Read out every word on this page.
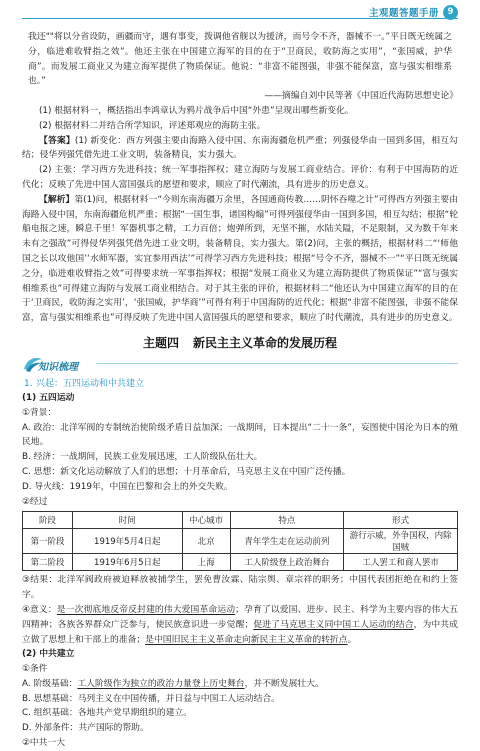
主观题答题手册	9

我还""将以分省设防，画疆而守，遇有事变，拨调他省舰以为援济，而号令不齐，器械不一。”平日既无统属之分，临进难收臂指之效”。他还主张在中国建立海军的目的在于“卫商民，收防海之实用”，“张国威，护华商”。而发展工商业又为建立海军提供了物质保证。他说：“非富不能图强，非强不能保富，富与强实相维系也。”

——摘编自刘中民等著《中国近代海防思想史论》

(1) 根据材料一，概括指出李鸿章认为鸦片战争后中国“外患”呈现出哪些新变化。

(2) 根据材料二并结合所学知识，评述郑观应的海防主张。

【答案】(1) 新变化：西方列强主要由海路入侵中国、东南海疆危机严重；列强侵华由一国到多国，相互勾结；侵华列强凭借先进工业文明，装备精良，实力强大。

(2) 主张：学习西方先进科技；统一军事指挥权；建立海防与发展工商业结合。评价：有利于中国海防的近代化；反映了先进中国人富国强兵的愿望和要求，顺应了时代潮流，具有进步的历史意义。

【解析】第(1)问，根据材料一“今则东南海疆万余里，各国通商传教……阴怀吞噬之计”可得西方列强主要由海路入侵中国，东南海疆危机严重；根据“一国生事，诸国构煽”可得列强侵华由一国到多国，相互勾结；根据“轮船电报之速，瞬息千里！军器机事之精，工力百倍；炮弹所到，无坚不摧，水陆关隘，不足限制，又为数千年来未有之强敌”可得侵华列强凭借先进工业文明，装备精良，实力强大。第(2)问，主张的概括，根据材料二“‘师他国之长以攻他国’‘水师军器，实宜参用西法’”可得学习西方先进科技；根据“号令不齐，器械不一”“平日既无统属之分，临进难收臂指之效”可得要求统一军事指挥权；根据“发展工商业又为建立海防提供了物质保证”“富与强实相维系也”可得建立海防与发展工商业相结合。对于其主张的评价，根据材料二“他还认为中国建立海军的目的在于‘卫商民，收防海之实用’，‘张国威，护华商’”可得有利于中国海防的近代化；根据“非富不能图强，非强不能保富，富与强实相维系也”可得反映了先进中国人富国强兵的愿望和要求，顺应了时代潮流，具有进步的历史意义。

主题四 新民主主义革命的发展历程
知识梳理
1. 兴起：五四运动和中共建立

(1) 五四运动

①背景：

A. 政治：北洋军阀的专制统治使阶级矛盾日益加深；一战期间，日本提出“二十一条”，妄图使中国沦为日本的殖民地。

B. 经济：一战期间，民族工业发展迅速，工人阶级队伍壮大。

C. 思想：新文化运动解放了人们的思想；十月革命后，马克思主义在中国广泛传播。

D. 导火线：1919年，中国在巴黎和会上的外交失败。

②经过

阶段	时间	中心城市	特点	形式
第一阶段	1919年5月4日起	北京	青年学生走在运动前列	游行示威，外争国权，内除国贼
第二阶段	1919年6月5日起	上海	工人阶级登上政治舞台	工人罢工和商人罢市

③结果：北洋军阀政府被迫释放被捕学生，罢免曹汝霖、陆宗舆、章宗祥的职务；中国代表团拒绝在和约上签字。

④意义：是一次彻底地反帝反封建的伟大爱国革命运动；孕育了以爱国、进步、民主、科学为主要内容的伟大五四精神；各族各界群众广泛参与，使民族意识进一步觉醒；促进了马克思主义同中国工人运动的结合，为中共成立做了思想上和干部上的准备；是中国旧民主主义革命走向新民主主义革命的转折点。

(2) 中共建立

①条件

A. 阶级基础：工人阶级作为独立的政治力量登上历史舞台，并不断发展壮大。

B. 思想基础：马列主义在中国传播，并日益与中国工人运动结合。

C. 组织基础：各地共产党早期组织的建立。

D. 外部条件：共产国际的帮助。

②中共一大
